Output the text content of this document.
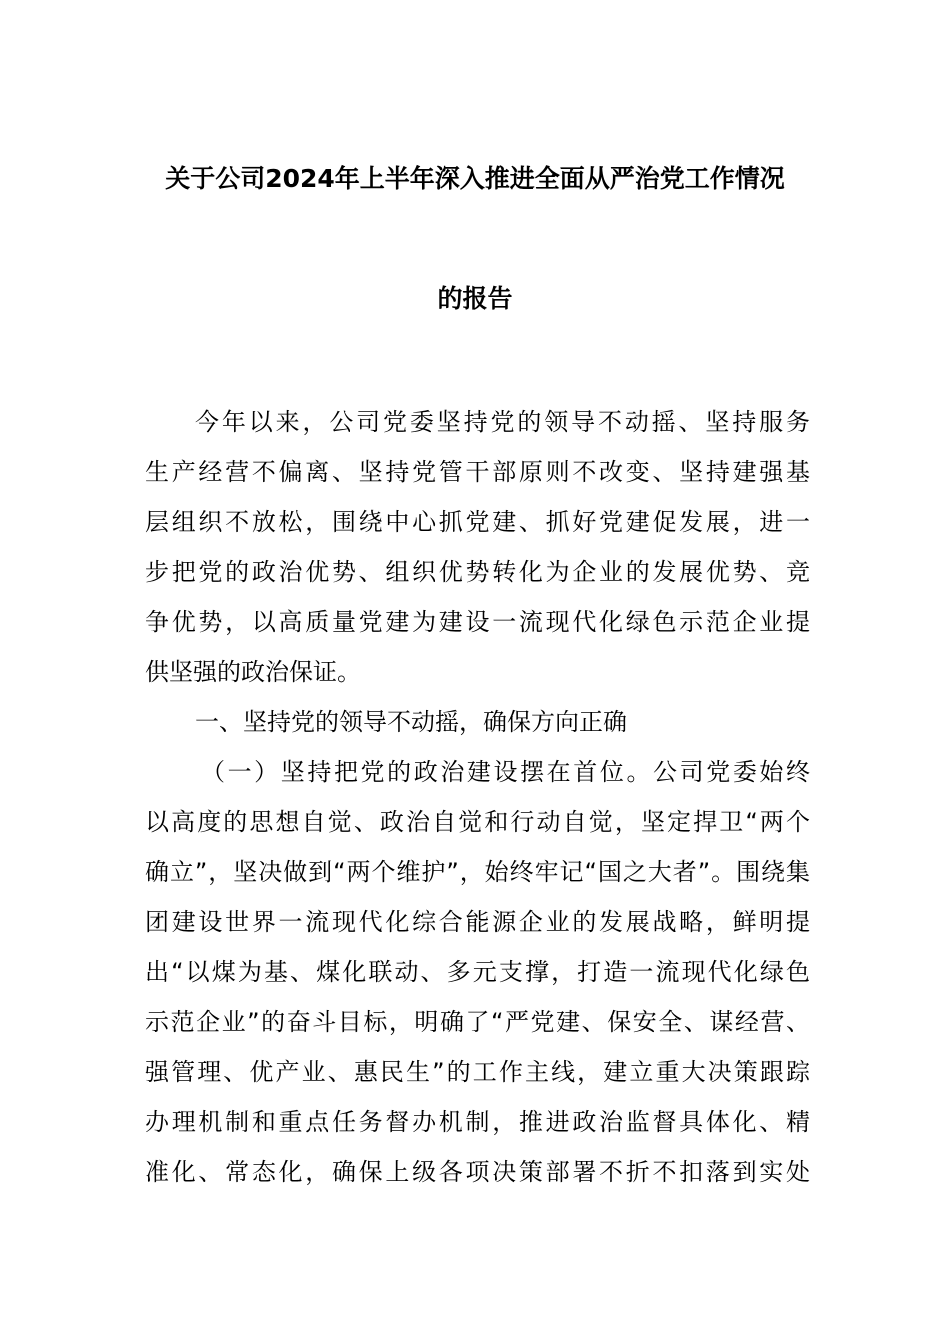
关于公司2024年上半年深入推进全面从严治党工作情况
的报告
今年以来，公司党委坚持党的领导不动摇、坚持服务
生产经营不偏离、坚持党管干部原则不改变、坚持建强基
层组织不放松，围绕中心抓党建、抓好党建促发展，进一
步把党的政治优势、组织优势转化为企业的发展优势、竞
争优势，以高质量党建为建设一流现代化绿色示范企业提
供坚强的政治保证。
一、坚持党的领导不动摇，确保方向正确
（一）坚持把党的政治建设摆在首位。公司党委始终
以高度的思想自觉、政治自觉和行动自觉，坚定捍卫“两个
确立”，坚决做到“两个维护”，始终牢记“国之大者”。围绕集
团建设世界一流现代化综合能源企业的发展战略，鲜明提
出“以煤为基、煤化联动、多元支撑，打造一流现代化绿色
示范企业”的奋斗目标，明确了“严党建、保安全、谋经营、
强管理、优产业、惠民生”的工作主线，建立重大决策跟踪
办理机制和重点任务督办机制，推进政治监督具体化、精
准化、常态化，确保上级各项决策部署不折不扣落到实处
